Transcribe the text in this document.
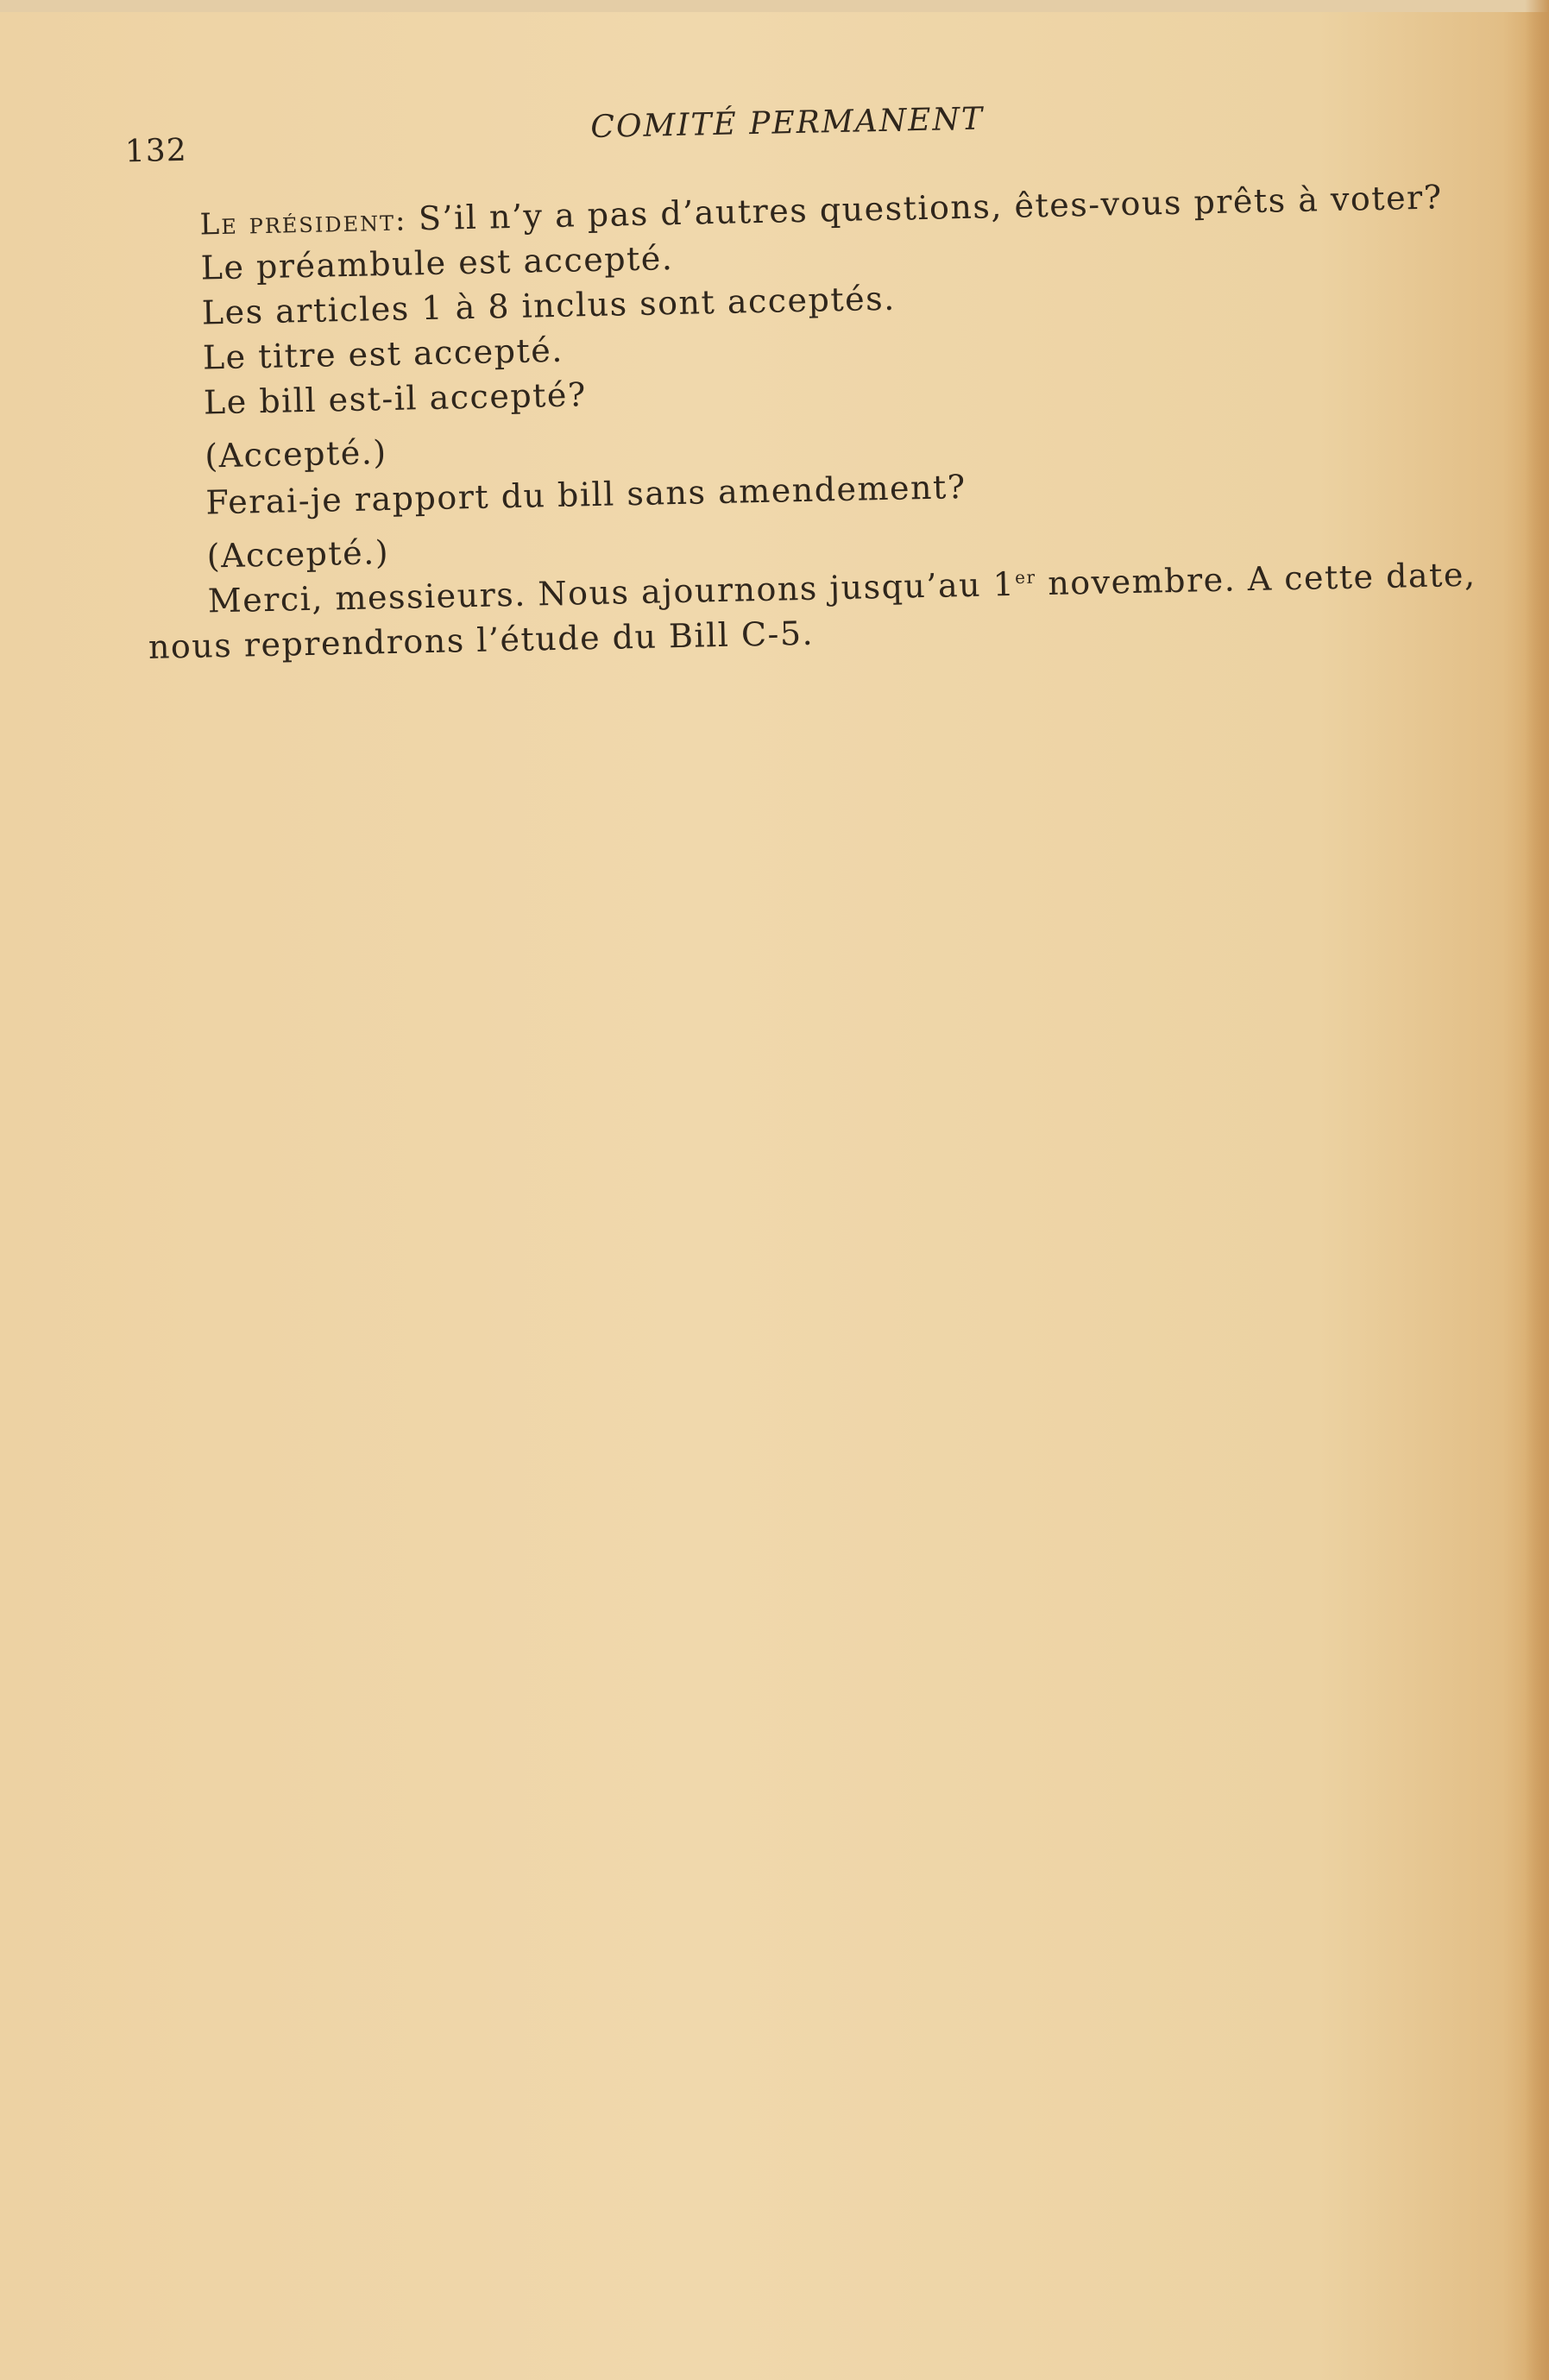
132
COMITÉ PERMANENT
Le président: S’il n’y a pas d’autres questions, êtes-vous prêts à voter?
Le préambule est accepté.
Les articles 1 à 8 inclus sont acceptés.
Le titre est accepté.
Le bill est-il accepté?
(Accepté.)
Ferai-je rapport du bill sans amendement?
(Accepté.)
Merci, messieurs. Nous ajournons jusqu’au 1er novembre. A cette date,
nous reprendrons l’étude du Bill C-5.
